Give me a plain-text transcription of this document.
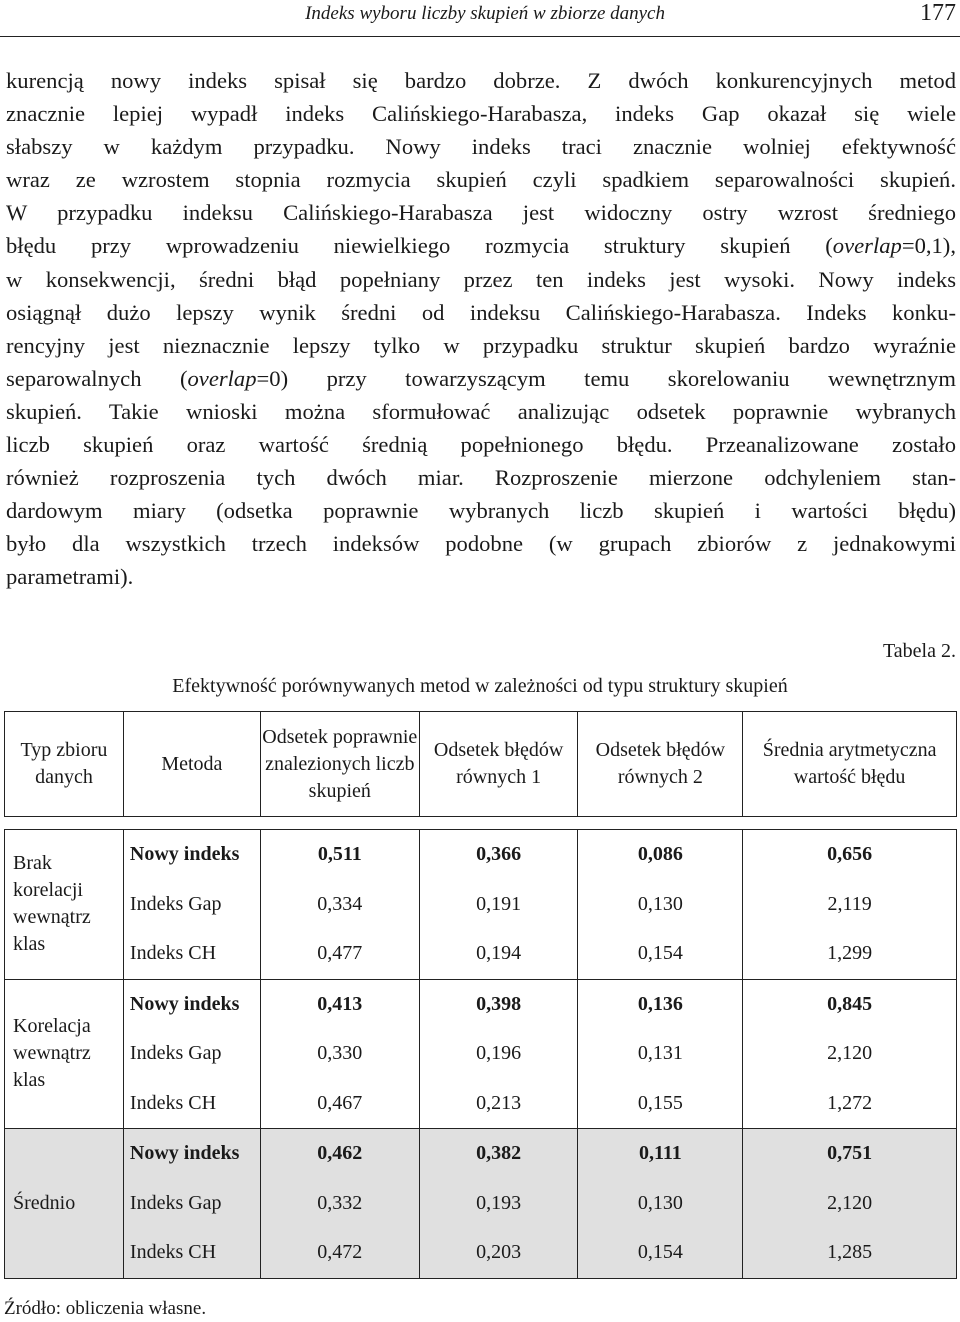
Indeks wyboru liczby skupień w zbiorze danych	177

kurencją nowy indeks spisał się bardzo dobrze. Z dwóch konkurencyjnych metod
znacznie lepiej wypadł indeks Calińskiego-Harabasza, indeks Gap okazał się wiele
słabszy w każdym przypadku. Nowy indeks traci znacznie wolniej efektywność
wraz ze wzrostem stopnia rozmycia skupień czyli spadkiem separowalności skupień.
W przypadku indeksu Calińskiego-Harabasza jest widoczny ostry wzrost średniego
błędu przy wprowadzeniu niewielkiego rozmycia struktury skupień (overlap=0,1),
w konsekwencji, średni błąd popełniany przez ten indeks jest wysoki. Nowy indeks
osiągnął dużo lepszy wynik średni od indeksu Calińskiego-Harabasza. Indeks konku-
rencyjny jest nieznacznie lepszy tylko w przypadku struktur skupień bardzo wyraźnie
separowalnych (overlap=0) przy towarzyszącym temu skorelowaniu wewnętrznym
skupień. Takie wnioski można sformułować analizując odsetek poprawnie wybranych
liczb skupień oraz wartość średnią popełnionego błędu. Przeanalizowane zostało
również rozproszenia tych dwóch miar. Rozproszenie mierzone odchyleniem stan-
dardowym miary (odsetka poprawnie wybranych liczb skupień i wartości błędu)
było dla wszystkich trzech indeksów podobne (w grupach zbiorów z jednakowymi
parametrami).

Tabela 2.
Efektywność porównywanych metod w zależności od typu struktury skupień
Typ zbioru danych	Metoda	Odsetek poprawnie znalezionych liczb skupień	Odsetek błędów równych 1	Odsetek błędów równych 2	Średnia arytmetyczna wartość błędu

Brak korelacji wewnątrz klas	Nowy indeks	0,511	0,366	0,086	0,656
	Indeks Gap	0,334	0,191	0,130	2,119
	Indeks CH	0,477	0,194	0,154	1,299
Korelacja wewnątrz klas	Nowy indeks	0,413	0,398	0,136	0,845
	Indeks Gap	0,330	0,196	0,131	2,120
	Indeks CH	0,467	0,213	0,155	1,272
Średnio	Nowy indeks	0,462	0,382	0,111	0,751
	Indeks Gap	0,332	0,193	0,130	2,120
	Indeks CH	0,472	0,203	0,154	1,285
Źródło: obliczenia własne.
